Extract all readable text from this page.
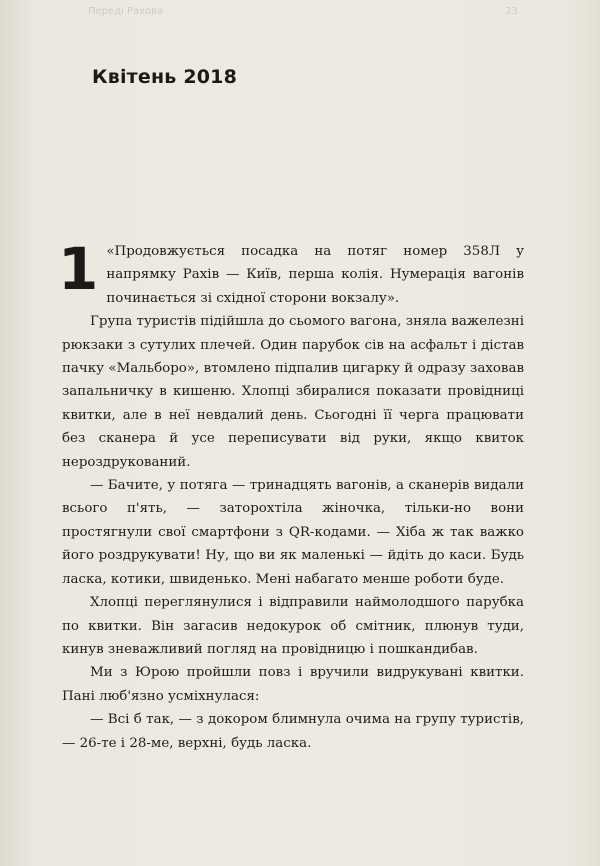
Переді Рахова	23
Квітень 2018

1 «Продовжується посадка на потяг номер 358Л у напрямку Рахів — Київ, перша колія. Нумерація вагонів починається зі східної сторони вокзалу».

Група туристів підійшла до сьомого вагона, зняла важелезні рюкзаки з сутулих плечей. Один парубок сів на асфальт і дістав пачку «Мальборо», втомлено підпалив цигарку й одразу заховав запальничку в кишеню. Хлопці збиралися показати провідниці квитки, але в неї невдалий день. Сьогодні її черга працювати без сканера й усе переписувати від руки, якщо квиток нероздрукований.

— Бачите, у потяга — тринадцять вагонів, а сканерів видали всього п'ять, — заторохтіла жіночка, тільки-но вони простягнули свої смартфони з QR-кодами. — Хіба ж так важко його роздрукувати! Ну, що ви як маленькі — йдіть до каси. Будь ласка, котики, швиденько. Мені набагато менше роботи буде.

Хлопці переглянулися і відправили наймолодшого парубка по квитки. Він загасив недокурок об смітник, плюнув туди, кинув зневажливий погляд на провідницю і пошкандибав.

Ми з Юрою пройшли повз і вручили видрукувані квитки. Пані люб'язно усміхнулася:

— Всі б так, — з докором блимнула очима на групу туристів, — 26-те і 28-ме, верхні, будь ласка.
